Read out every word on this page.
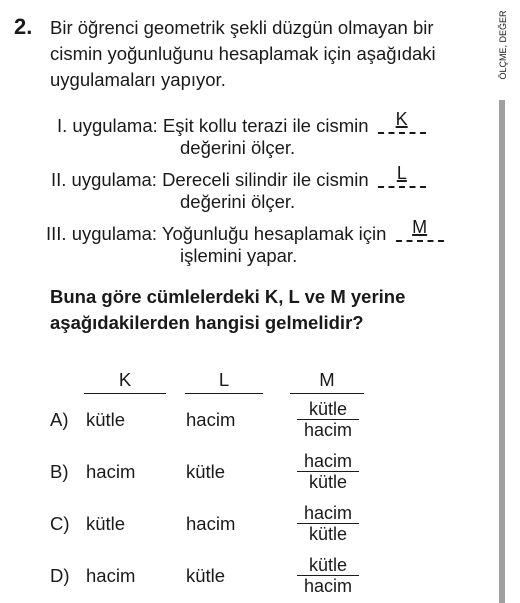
2. Bir öğrenci geometrik şekli düzgün olmayan bir cismin yoğunluğunu hesaplamak için aşağıdaki uygulamaları yapıyor.
I. uygulama: Eşit kollu terazi ile cismin	K
değerini ölçer.
II. uygulama: Dereceli silindir ile cismin	L
değerini ölçer.
III. uygulama: Yoğunluğu hesaplamak için	M
işlemini yapar.
Buna göre cümlelerdeki K, L ve M yerine aşağıdakilerden hangisi gelmelidir?
K	L	M
A) kütle	hacim	kütle
hacim
B) hacim	kütle	hacim
kütle
C) kütle	hacim	hacim
kütle
D) hacim	kütle	kütle
hacim
ÖLÇME, DEĞER
